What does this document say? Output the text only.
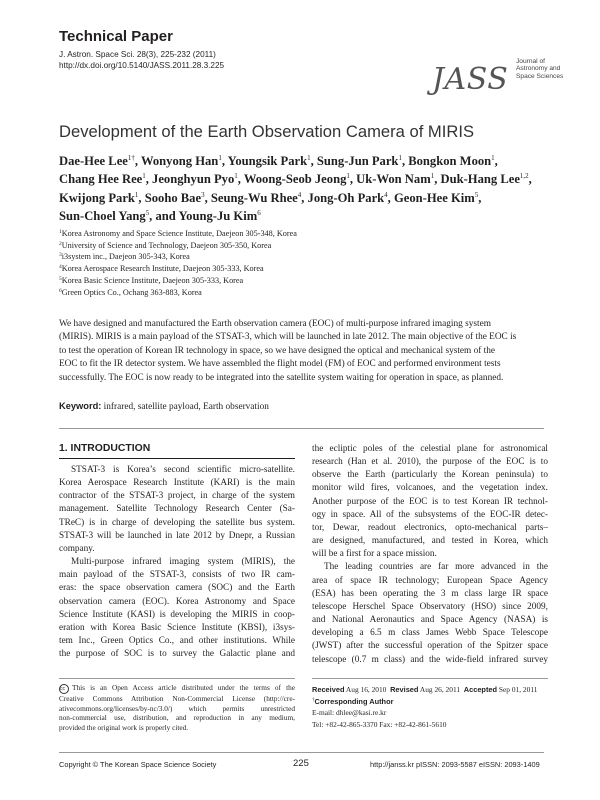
Technical Paper
J. Astron. Space Sci. 28(3), 225-232 (2011)
http://dx.doi.org/10.5140/JASS.2011.28.3.225	JASS
Journal of
Astronomy and
Space Sciences
Development of the Earth Observation Camera of MIRIS
Dae-Hee Lee$^{1\dagger}$, Wonyong Han$^1$, Youngsik Park$^1$, Sung-Jun Park$^1$, Bongkon Moon$^1$,
Chang Hee Ree$^1$, Jeonghyun Pyo$^1$, Woong-Seob Jeong$^1$, Uk-Won Nam$^1$, Duk-Hang Lee$^{1,2}$,
Kwijong Park$^1$, Sooho Bae$^3$, Seung-Wu Rhee$^4$, Jong-Oh Park$^4$, Geon-Hee Kim$^5$,
Sun-Choel Yang$^5$, and Young-Ju Kim$^6$
$^1$Korea Astronomy and Space Science Institute, Daejeon 305-348, Korea
$^2$University of Science and Technology, Daejeon 305-350, Korea
$^3$i3system inc., Daejeon 305-343, Korea
$^4$Korea Aerospace Research Institute, Daejeon 305-333, Korea
$^5$Korea Basic Science Institute, Daejeon 305-333, Korea
$^6$Green Optics Co., Ochang 363-883, Korea
We have designed and manufactured the Earth observation camera (EOC) of multi-purpose infrared imaging system
(MIRIS). MIRIS is a main payload of the STSAT-3, which will be launched in late 2012. The main objective of the EOC is
to test the operation of Korean IR technology in space, so we have designed the optical and mechanical system of the
EOC to fit the IR detector system. We have assembled the flight model (FM) of EOC and performed environment tests
successfully. The EOC is now ready to be integrated into the satellite system waiting for operation in space, as planned.
Keyword: infrared, satellite payload, Earth observation
1. INTRODUCTION
STSAT-3 is Korea’s second scientific micro-satellite.
Korea Aerospace Research Institute (KARI) is the main
contractor of the STSAT-3 project, in charge of the system
management. Satellite Technology Research Center (Sa-
TReC) is in charge of developing the satellite bus system.
STSAT-3 will be launched in late 2012 by Dnepr, a Russian
company.
Multi-purpose infrared imaging system (MIRIS), the
main payload of the STSAT-3, consists of two IR cam-
eras: the space observation camera (SOC) and the Earth
observation camera (EOC). Korea Astronomy and Space
Science Institute (KASI) is developing the MIRIS in coop-
eration with Korea Basic Science Institute (KBSI), i3sys-
tem Inc., Green Optics Co., and other institutions. While
the purpose of SOC is to survey the Galactic plane and
the ecliptic poles of the celestial plane for astronomical
research (Han et al. 2010), the purpose of the EOC is to
observe the Earth (particularly the Korean peninsula) to
monitor wild fires, volcanoes, and the vegetation index.
Another purpose of the EOC is to test Korean IR technol-
ogy in space. All of the subsystems of the EOC-IR detec-
tor, Dewar, readout electronics, opto-mechanical parts–
are designed, manufactured, and tested in Korea, which
will be a first for a space mission.
The leading countries are far more advanced in the
area of space IR technology; European Space Agency
(ESA) has been operating the 3 m class large IR space
telescope Herschel Space Observatory (HSO) since 2009,
and National Aeronautics and Space Agency (NASA) is
developing a 6.5 m class James Webb Space Telescope
(JWST) after the successful operation of the Spitzer space
telescope (0.7 m class) and the wide-field infrared survey
cc This is an Open Access article distributed under the terms of the
Creative Commons Attribution Non-Commercial License (http://cre-
ativecommons.org/licenses/by-nc/3.0/) which permits unrestricted
non-commercial use, distribution, and reproduction in any medium,
provided the original work is properly cited.
Received Aug 16, 2010 Revised Aug 26, 2011 Accepted Sep 01, 2011
†Corresponding Author
E-mail: dhlee@kasi.re.kr
Tel: +82-42-865-3370 Fax: +82-42-861-5610
Copyright © The Korean Space Science Society	225	http://janss.kr pISSN: 2093-5587 eISSN: 2093-1409
